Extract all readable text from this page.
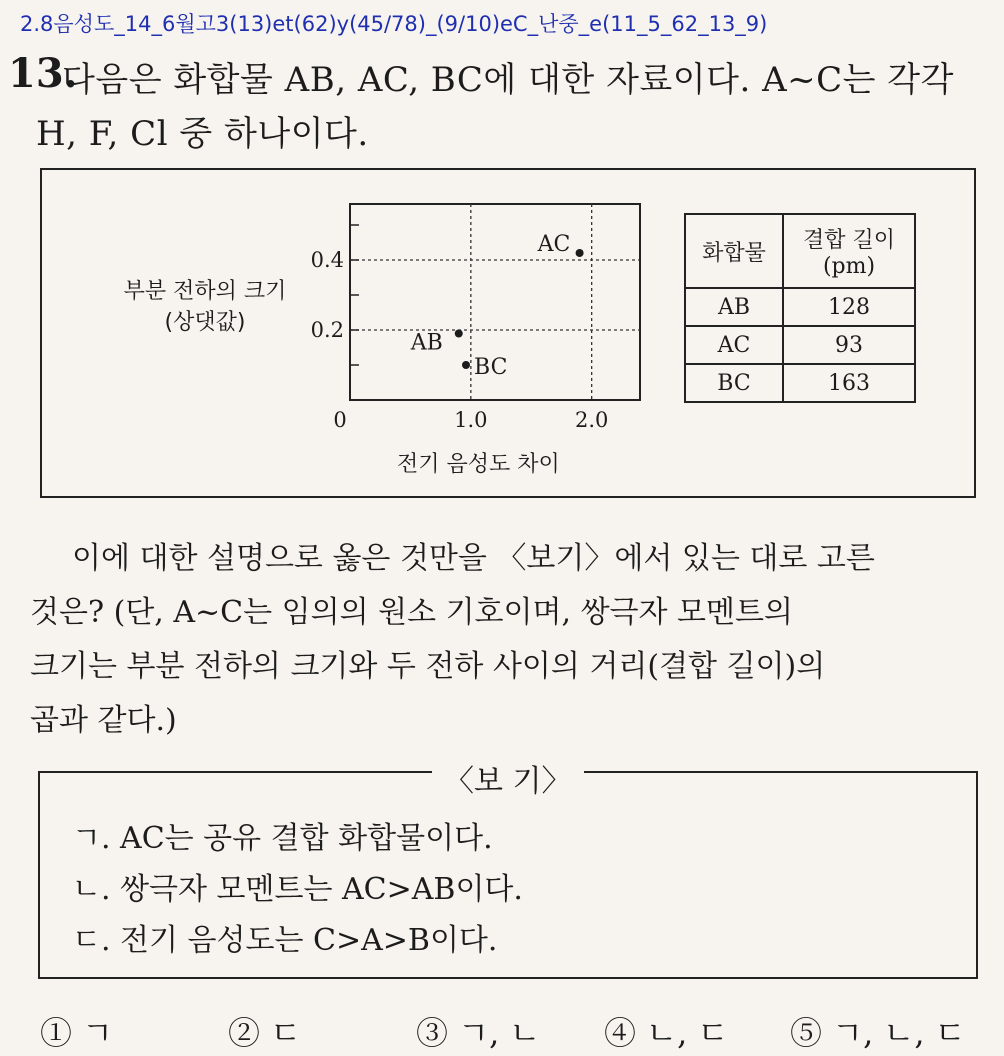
2.8음성도_14_6월고3(13)et(62)y(45/78)_(9/10)eC_난중_e(11_5_62_13_9)
13.
다음은 화합물 AB, AC, BC에 대한 자료이다. A~C는 각각
H, F, Cl 중 하나이다.
부분 전하의 크기
(상댓값)	0.2
0.4
0	1.0	2.0
AB
BC
AC
전기 음성도 차이
화합물	결합 길이
(pm)

AB	128
AC	93
BC	163
이에 대한 설명으로 옳은 것만을 〈보기〉에서 있는 대로 고른
것은? (단, A~C는 임의의 원소 기호이며, 쌍극자 모멘트의
크기는 부분 전하의 크기와 두 전하 사이의 거리(결합 길이)의
곱과 같다.)
〈보 기〉
ㄱ. AC는 공유 결합 화합물이다.
ㄴ. 쌍극자 모멘트는 AC>AB이다.
ㄷ. 전기 음성도는 C>A>B이다.
① ㄱ	② ㄷ	③ ㄱ, ㄴ ④ ㄴ, ㄷ ⑤ ㄱ, ㄴ, ㄷ
